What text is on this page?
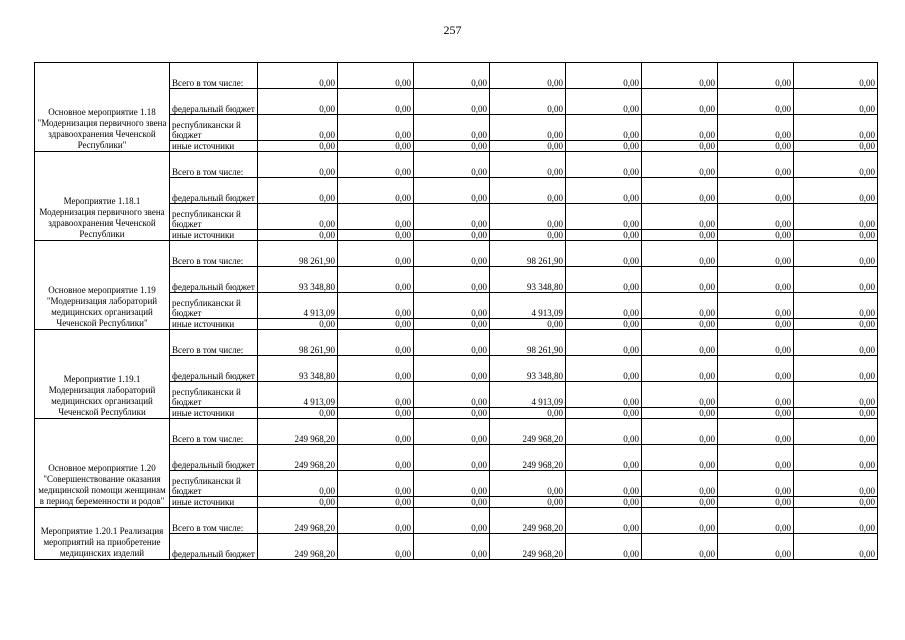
257
Основное мероприятие 1.18 "Модернизация первичного звена здравоохранения Чеченской Республики"	Всего в том числе:	0,00	0,00	0,00	0,00	0,00	0,00	0,00	0,00
	федеральный бюджет	0,00	0,00	0,00	0,00	0,00	0,00	0,00	0,00
	республикански й бюджет	0,00	0,00	0,00	0,00	0,00	0,00	0,00	0,00
	иные источники	0,00	0,00	0,00	0,00	0,00	0,00	0,00	0,00
Мероприятие 1.18.1 Модернизация первичного звена здравоохранения Чеченской Республики	Всего в том числе:	0,00	0,00	0,00	0,00	0,00	0,00	0,00	0,00
	федеральный бюджет	0,00	0,00	0,00	0,00	0,00	0,00	0,00	0,00
	республикански й бюджет	0,00	0,00	0,00	0,00	0,00	0,00	0,00	0,00
	иные источники	0,00	0,00	0,00	0,00	0,00	0,00	0,00	0,00
Основное мероприятие 1.19 "Модернизация лабораторий медицинских организаций Чеченской Республики"	Всего в том числе:	98 261,90	0,00	0,00	98 261,90	0,00	0,00	0,00	0,00
	федеральный бюджет	93 348,80	0,00	0,00	93 348,80	0,00	0,00	0,00	0,00
	республикански й бюджет	4 913,09	0,00	0,00	4 913,09	0,00	0,00	0,00	0,00
	иные источники	0,00	0,00	0,00	0,00	0,00	0,00	0,00	0,00
Мероприятие 1.19.1 Модернизация лабораторий медицинских организаций Чеченской Республики	Всего в том числе:	98 261,90	0,00	0,00	98 261,90	0,00	0,00	0,00	0,00
	федеральный бюджет	93 348,80	0,00	0,00	93 348,80	0,00	0,00	0,00	0,00
	республикански й бюджет	4 913,09	0,00	0,00	4 913,09	0,00	0,00	0,00	0,00
	иные источники	0,00	0,00	0,00	0,00	0,00	0,00	0,00	0,00
Основное мероприятие 1.20 "Совершенствование оказания медицинской помощи женщинам в период беременности и родов"	Всего в том числе:	249 968,20	0,00	0,00	249 968,20	0,00	0,00	0,00	0,00
	федеральный бюджет	249 968,20	0,00	0,00	249 968,20	0,00	0,00	0,00	0,00
	республикански й бюджет	0,00	0,00	0,00	0,00	0,00	0,00	0,00	0,00
	иные источники	0,00	0,00	0,00	0,00	0,00	0,00	0,00	0,00
Мероприятие 1.20.1 Реализация мероприятий на приобретение медицинских изделий	Всего в том числе:	249 968,20	0,00	0,00	249 968,20	0,00	0,00	0,00	0,00
	федеральный бюджет	249 968,20	0,00	0,00	249 968,20	0,00	0,00	0,00	0,00
